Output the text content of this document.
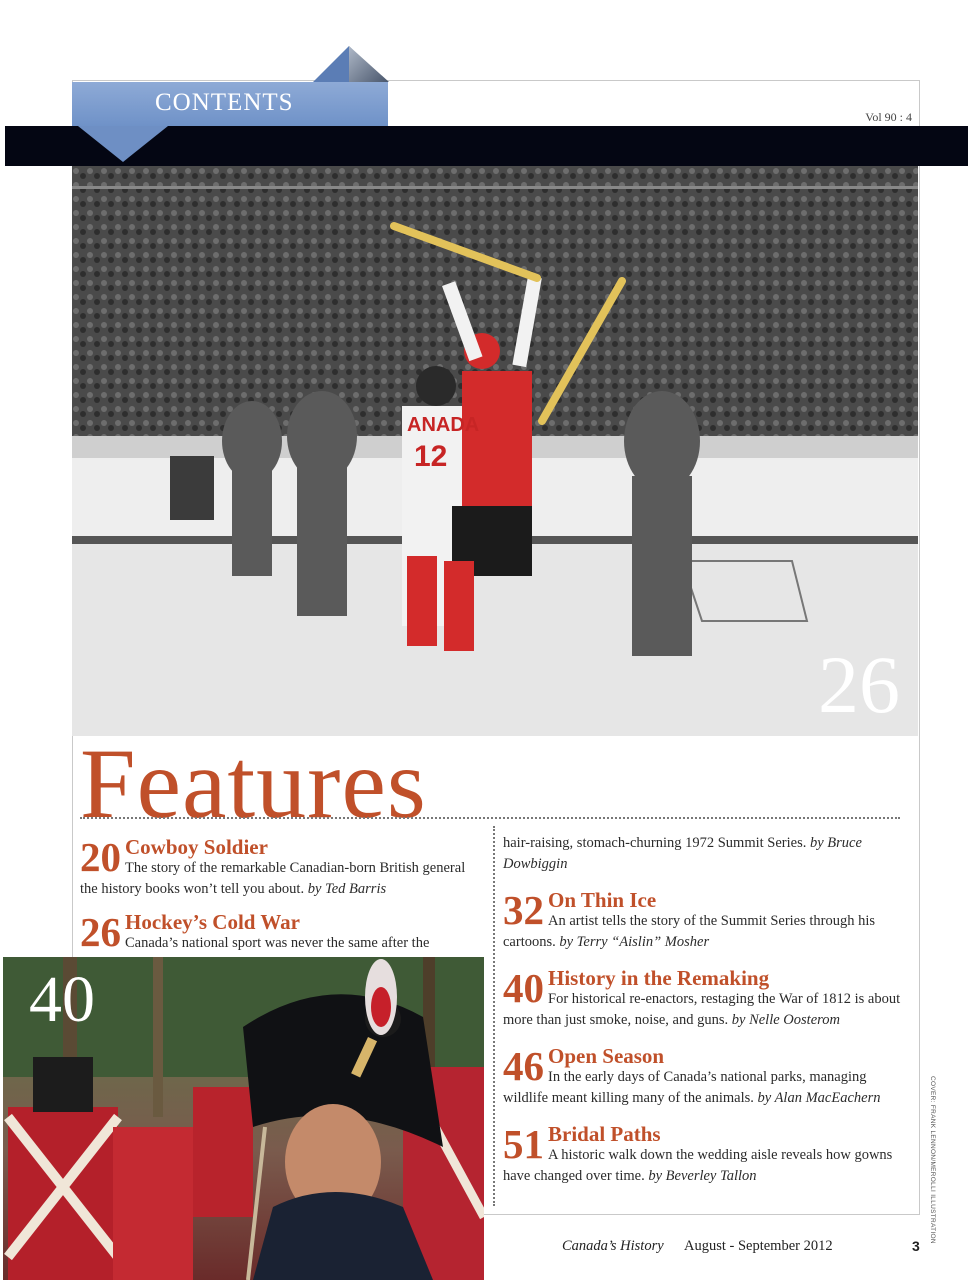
CONTENTS
Vol 90 : 4
ANADA
12
26
Features
20 Cowboy Soldier
The story of the remarkable Canadian-born British general the history books won’t tell you about. by Ted Barris
26 Hockey’s Cold War
Canada’s national sport was never the same after the
hair-raising, stomach-churning 1972 Summit Series. by Bruce Dowbiggin
32 On Thin Ice
An artist tells the story of the Summit Series through his cartoons. by Terry “Aislin” Mosher
40 History in the Remaking
For historical re-enactors, restaging the War of 1812 is about more than just smoke, noise, and guns. by Nelle Oosterom
46 Open Season
In the early days of Canada’s national parks, managing wildlife meant killing many of the animals. by Alan MacEachern
51 Bridal Paths
A historic walk down the wedding aisle reveals how gowns have changed over time. by Beverley Tallon
40
COVER: FRANK LENNON/MEROLLI ILLUSTRATION
Canada’s History August - September 2012	3
